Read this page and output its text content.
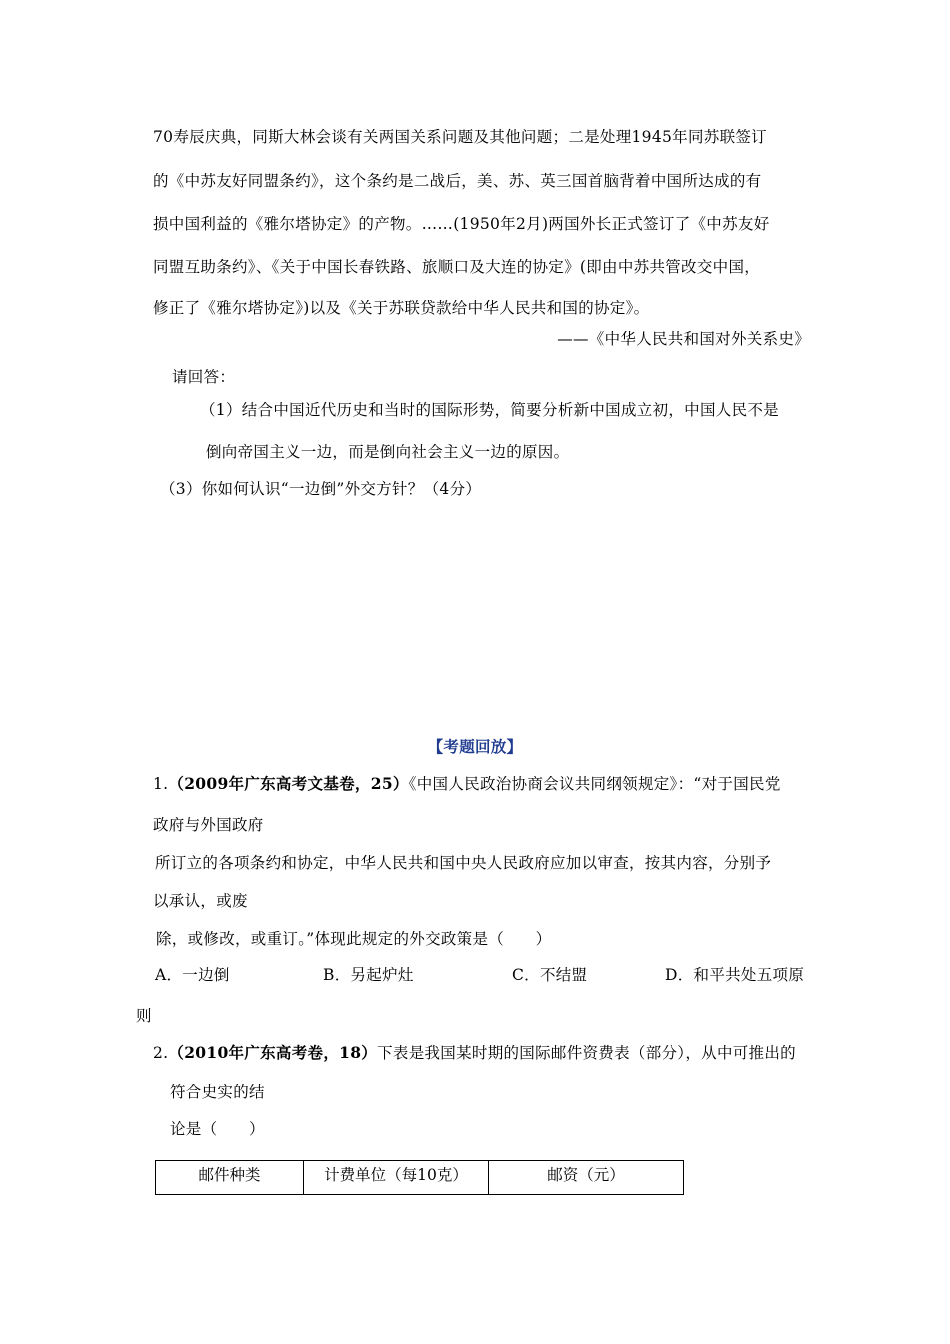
70寿辰庆典，同斯大林会谈有关两国关系问题及其他问题；二是处理1945年同苏联签订
的《中苏友好同盟条约》，这个条约是二战后，美、苏、英三国首脑背着中国所达成的有
损中国利益的《雅尔塔协定》的产物。……(1950年2月)两国外长正式签订了《中苏友好
同盟互助条约》、《关于中国长春铁路、旅顺口及大连的协定》(即由中苏共管改交中国，
修正了《雅尔塔协定》)以及《关于苏联贷款给中华人民共和国的协定》。
——《中华人民共和国对外关系史》
请回答：
（1）结合中国近代历史和当时的国际形势，简要分析新中国成立初，中国人民不是
倒向帝国主义一边，而是倒向社会主义一边的原因。
（3）你如何认识“一边倒”外交方针？（4分）
【考题回放】
1.（2009年广东高考文基卷，25）《中国人民政治协商会议共同纲领规定》：“对于国民党
政府与外国政府
所订立的各项条约和协定，中华人民共和国中央人民政府应加以审查，按其内容，分别予
以承认，或废
除，或修改，或重订。”体现此规定的外交政策是（　　）
A．一边倒	B．另起炉灶	C．不结盟	D．和平共处五项原
则
2.（2010年广东高考卷，18）下表是我国某时期的国际邮件资费表（部分），从中可推出的
符合史实的结
论是（　　）
邮件种类	计费单位（每10克）	邮资（元）
